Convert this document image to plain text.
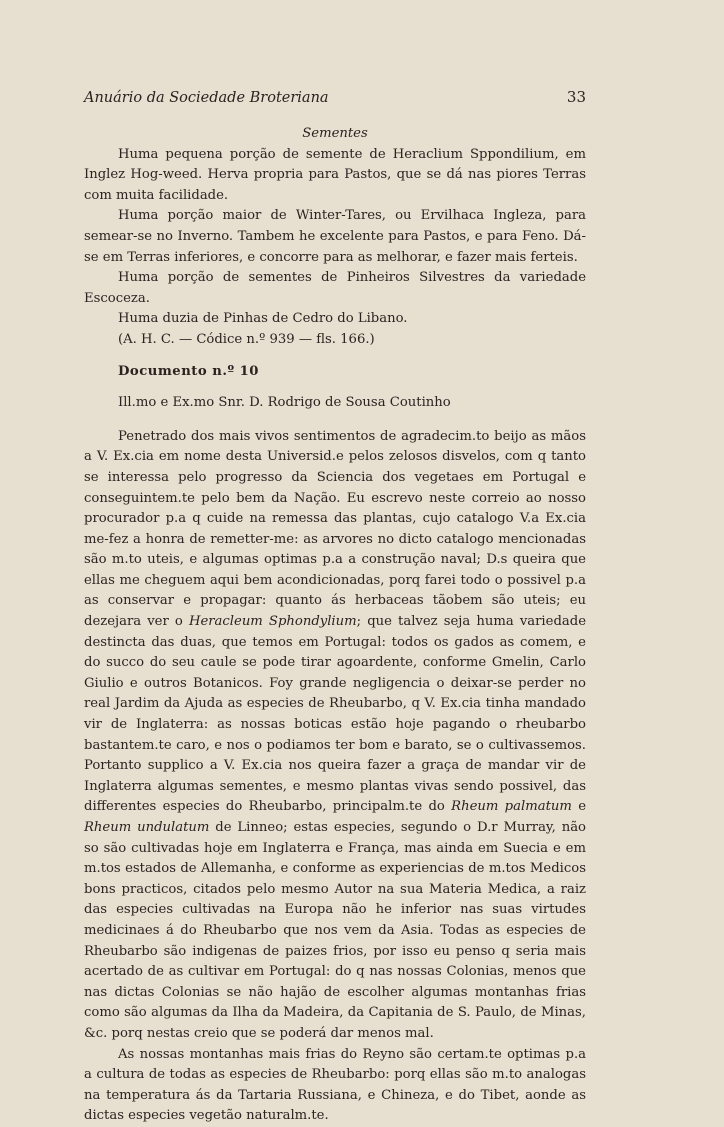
Anuário da Sociedade Broteriana	33

Sementes

Huma pequena porção de semente de Heraclium Sppondilium, em Inglez Hog-weed. Herva propria para Pastos, que se dá nas piores Terras com muita facilidade.

Huma porção maior de Winter-Tares, ou Ervilhaca Ingleza, para semear-se no Inverno. Tambem he excelente para Pastos, e para Feno. Dá-se em Terras inferiores, e concorre para as melhorar, e fazer mais ferteis.

Huma porção de sementes de Pinheiros Silvestres da variedade Escoceza.

Huma duzia de Pinhas de Cedro do Libano.

(A. H. C. — Códice n.º 939 — fls. 166.)

Documento n.º 10

Ill.mo e Ex.mo Snr. D. Rodrigo de Sousa Coutinho

Penetrado dos mais vivos sentimentos de agradecim.to beijo as mãos a V. Ex.cia em nome desta Universid.e pelos zelosos disvelos, com q tanto se interessa pelo progresso da Sciencia dos vegetaes em Portugal e conseguintem.te pelo bem da Nação. Eu escrevo neste correio ao nosso procurador p.a q cuide na remessa das plantas, cujo catalogo V.a Ex.cia me-fez a honra de remetter-me: as arvores no dicto catalogo mencionadas são m.to uteis, e algumas optimas p.a a construção naval; D.s queira que ellas me cheguem aqui bem acondicionadas, porq farei todo o possivel p.a as conservar e propagar: quanto ás herbaceas tãobem são uteis; eu dezejara ver o Heracleum Sphondylium; que talvez seja huma variedade destincta das duas, que temos em Portugal: todos os gados as comem, e do succo do seu caule se pode tirar agoardente, conforme Gmelin, Carlo Giulio e outros Botanicos. Foy grande negligencia o deixar-se perder no real Jardim da Ajuda as especies de Rheubarbo, q V. Ex.cia tinha mandado vir de Inglaterra: as nossas boticas estão hoje pagando o rheubarbo bastantem.te caro, e nos o podiamos ter bom e barato, se o cultivassemos. Portanto supplico a V. Ex.cia nos queira fazer a graça de mandar vir de Inglaterra algumas sementes, e mesmo plantas vivas sendo possivel, das differentes especies do Rheubarbo, principalm.te do Rheum palmatum e Rheum undulatum de Linneo; estas especies, segundo o D.r Murray, não so são cultivadas hoje em Inglaterra e França, mas ainda em Suecia e em m.tos estados de Allemanha, e conforme as experiencias de m.tos Medicos bons practicos, citados pelo mesmo Autor na sua Materia Medica, a raiz das especies cultivadas na Europa não he inferior nas suas virtudes medicinaes á do Rheubarbo que nos vem da Asia. Todas as especies de Rheubarbo são indigenas de paizes frios, por isso eu penso q seria mais acertado de as cultivar em Portugal: do q nas nossas Colonias, menos que nas dictas Colonias se não hajão de escolher algumas montanhas frias como são algumas da Ilha da Madeira, da Capitania de S. Paulo, de Minas, &c. porq nestas creio que se poderá dar menos mal.

As nossas montanhas mais frias do Reyno são certam.te optimas p.a a cultura de todas as especies de Rheubarbo: porq ellas são m.to analogas na temperatura ás da Tartaria Russiana, e Chineza, e do Tibet, aonde as dictas especies vegetão naturalm.te.
